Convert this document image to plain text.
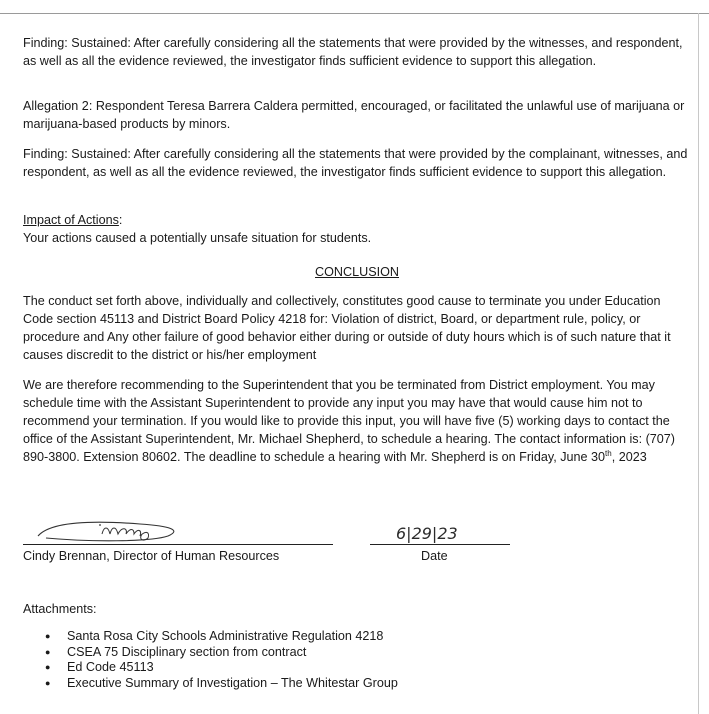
Finding: Sustained: After carefully considering all the statements that were provided by the witnesses, and respondent, as well as all the evidence reviewed, the investigator finds sufficient evidence to support this allegation.

Allegation 2: Respondent Teresa Barrera Caldera permitted, encouraged, or facilitated the unlawful use of marijuana or marijuana-based products by minors.

Finding: Sustained: After carefully considering all the statements that were provided by the complainant, witnesses, and respondent, as well as all the evidence reviewed, the investigator finds sufficient evidence to support this allegation.

Impact of Actions:
Your actions caused a potentially unsafe situation for students.

CONCLUSION

The conduct set forth above, individually and collectively, constitutes good cause to terminate you under Education Code section 45113 and District Board Policy 4218 for: Violation of district, Board, or department rule, policy, or procedure and Any other failure of good behavior either during or outside of duty hours which is of such nature that it causes discredit to the district or his/her employment

We are therefore recommending to the Superintendent that you be terminated from District employment. You may schedule time with the Assistant Superintendent to provide any input you may have that would cause him not to recommend your termination. If you would like to provide this input, you will have five (5) working days to contact the office of the Assistant Superintendent, Mr. Michael Shepherd, to schedule a hearing. The contact information is: (707) 890-3800. Extension 80602. The deadline to schedule a hearing with Mr. Shepherd is on Friday, June 30th, 2023

6|29|23
Cindy Brennan, Director of Human Resources	Date
Attachments:
● Santa Rosa City Schools Administrative Regulation 4218
● CSEA 75 Disciplinary section from contract
● Ed Code 45113
● Executive Summary of Investigation – The Whitestar Group
